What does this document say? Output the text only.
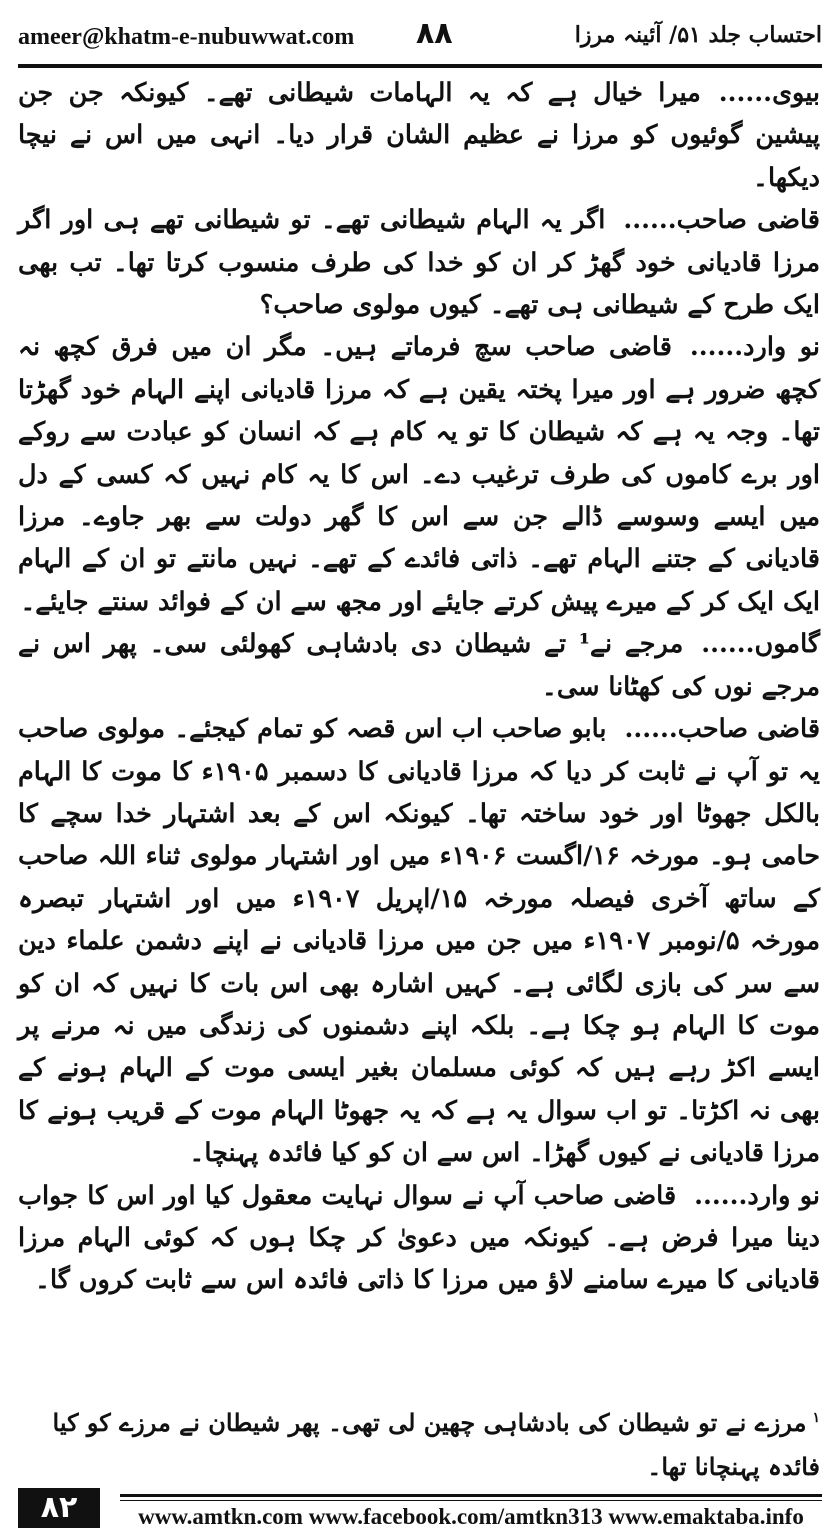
ameer@khatm-e-nubuwwat.com ۸۸	احتساب جلد ۵۱/ آئینہ مرزا

بیوی......میرا خیال ہے کہ یہ الہامات شیطانی تھے۔ کیونکہ جن جن پیشین گوئیوں کو مرزا نے عظیم الشان قرار دیا۔ انہی میں اس نے نیچا دیکھا۔

قاضی صاحب......اگر یہ الہام شیطانی تھے۔ تو شیطانی تھے ہی اور اگر مرزا قادیانی خود گھڑ کر ان کو خدا کی طرف منسوب کرتا تھا۔ تب بھی ایک طرح کے شیطانی ہی تھے۔ کیوں مولوی صاحب؟

نو وارد......قاضی صاحب سچ فرماتے ہیں۔ مگر ان میں فرق کچھ نہ کچھ ضرور ہے اور میرا پختہ یقین ہے کہ مرزا قادیانی اپنے الہام خود گھڑتا تھا۔ وجہ یہ ہے کہ شیطان کا تو یہ کام ہے کہ انسان کو عبادت سے روکے اور برے کاموں کی طرف ترغیب دے۔ اس کا یہ کام نہیں کہ کسی کے دل میں ایسے وسوسے ڈالے جن سے اس کا گھر دولت سے بھر جاوے۔ مرزا قادیانی کے جتنے الہام تھے۔ ذاتی فائدے کے تھے۔ نہیں مانتے تو ان کے الہام ایک ایک کر کے میرے پیش کرتے جایئے اور مجھ سے ان کے فوائد سنتے جایئے۔

گاموں......مرجے نے¹ تے شیطان دی بادشاہی کھولئی سی۔ پھر اس نے مرجے نوں کی کھٹانا سی۔

قاضی صاحب......بابو صاحب اب اس قصہ کو تمام کیجئے۔ مولوی صاحب یہ تو آپ نے ثابت کر دیا کہ مرزا قادیانی کا دسمبر ۱۹۰۵ء کا موت کا الہام بالکل جھوٹا اور خود ساختہ تھا۔ کیونکہ اس کے بعد اشتہار خدا سچے کا حامی ہو۔ مورخہ ۱۶/اگست ۱۹۰۶ء میں اور اشتہار مولوی ثناء اللہ صاحب کے ساتھ آخری فیصلہ مورخہ ۱۵/اپریل ۱۹۰۷ء میں اور اشتہار تبصرہ مورخہ ۵/نومبر ۱۹۰۷ء میں جن میں مرزا قادیانی نے اپنے دشمن علماء دین سے سر کی بازی لگائی ہے۔ کہیں اشارہ بھی اس بات کا نہیں کہ ان کو موت کا الہام ہو چکا ہے۔ بلکہ اپنے دشمنوں کی زندگی میں نہ مرنے پر ایسے اکڑ رہے ہیں کہ کوئی مسلمان بغیر ایسی موت کے الہام ہونے کے بھی نہ اکڑتا۔ تو اب سوال یہ ہے کہ یہ جھوٹا الہام موت کے قریب ہونے کا مرزا قادیانی نے کیوں گھڑا۔ اس سے ان کو کیا فائدہ پہنچا۔

نو وارد......قاضی صاحب آپ نے سوال نہایت معقول کیا اور اس کا جواب دینا میرا فرض ہے۔ کیونکہ میں دعویٰ کر چکا ہوں کہ کوئی الہام مرزا قادیانی کا میرے سامنے لاؤ میں مرزا کا ذاتی فائدہ اس سے ثابت کروں گا۔

$^۱$مرزے نے تو شیطان کی بادشاہی چھین لی تھی۔ پھر شیطان نے مرزے کو کیا فائدہ پہنچانا تھا۔
۸۲	www.amtkn.com www.facebook.com/amtkn313 www.emaktaba.info
